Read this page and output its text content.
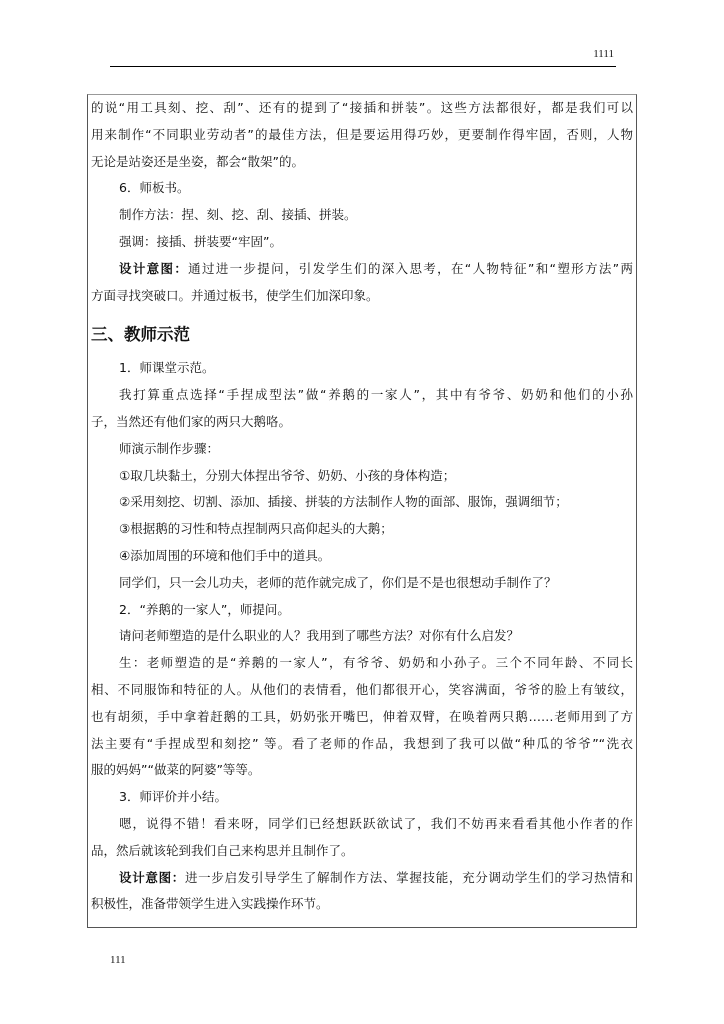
1111
的说“用工具刻、挖、刮”、还有的提到了“接插和拼装”。这些方法都很好，都是我们可以
用来制作“不同职业劳动者”的最佳方法，但是要运用得巧妙，更要制作得牢固，否则，人物
无论是站姿还是坐姿，都会“散架”的。
6．师板书。
制作方法：捏、刻、挖、刮、接插、拼装。
强调：接插、拼装要“牢固”。
设计意图：通过进一步提问，引发学生们的深入思考，在“人物特征”和“塑形方法”两
方面寻找突破口。并通过板书，使学生们加深印象。
三、教师示范
1．师课堂示范。
我打算重点选择“手捏成型法”做“养鹅的一家人”，其中有爷爷、奶奶和他们的小孙
子，当然还有他们家的两只大鹅咯。
师演示制作步骤：
①取几块黏土，分别大体捏出爷爷、奶奶、小孩的身体构造；
②采用刻挖、切割、添加、插接、拼装的方法制作人物的面部、服饰，强调细节；
③根据鹅的习性和特点捏制两只高仰起头的大鹅；
④添加周围的环境和他们手中的道具。
同学们，只一会儿功夫，老师的范作就完成了，你们是不是也很想动手制作了？
2．“养鹅的一家人”，师提问。
请问老师塑造的是什么职业的人？我用到了哪些方法？对你有什么启发？
生：老师塑造的是“养鹅的一家人”，有爷爷、奶奶和小孙子。三个不同年龄、不同长
相、不同服饰和特征的人。从他们的表情看，他们都很开心，笑容满面，爷爷的脸上有皱纹，
也有胡须，手中拿着赶鹅的工具，奶奶张开嘴巴，伸着双臂，在唤着两只鹅……老师用到了方
法主要有“手捏成型和刻挖” 等。看了老师的作品，我想到了我可以做“种瓜的爷爷”“洗衣
服的妈妈”“做菜的阿婆”等等。
3．师评价并小结。
嗯，说得不错！看来呀，同学们已经想跃跃欲试了，我们不妨再来看看其他小作者的作
品，然后就该轮到我们自己来构思并且制作了。
设计意图：进一步启发引导学生了解制作方法、掌握技能，充分调动学生们的学习热情和
积极性，准备带领学生进入实践操作环节。
111
